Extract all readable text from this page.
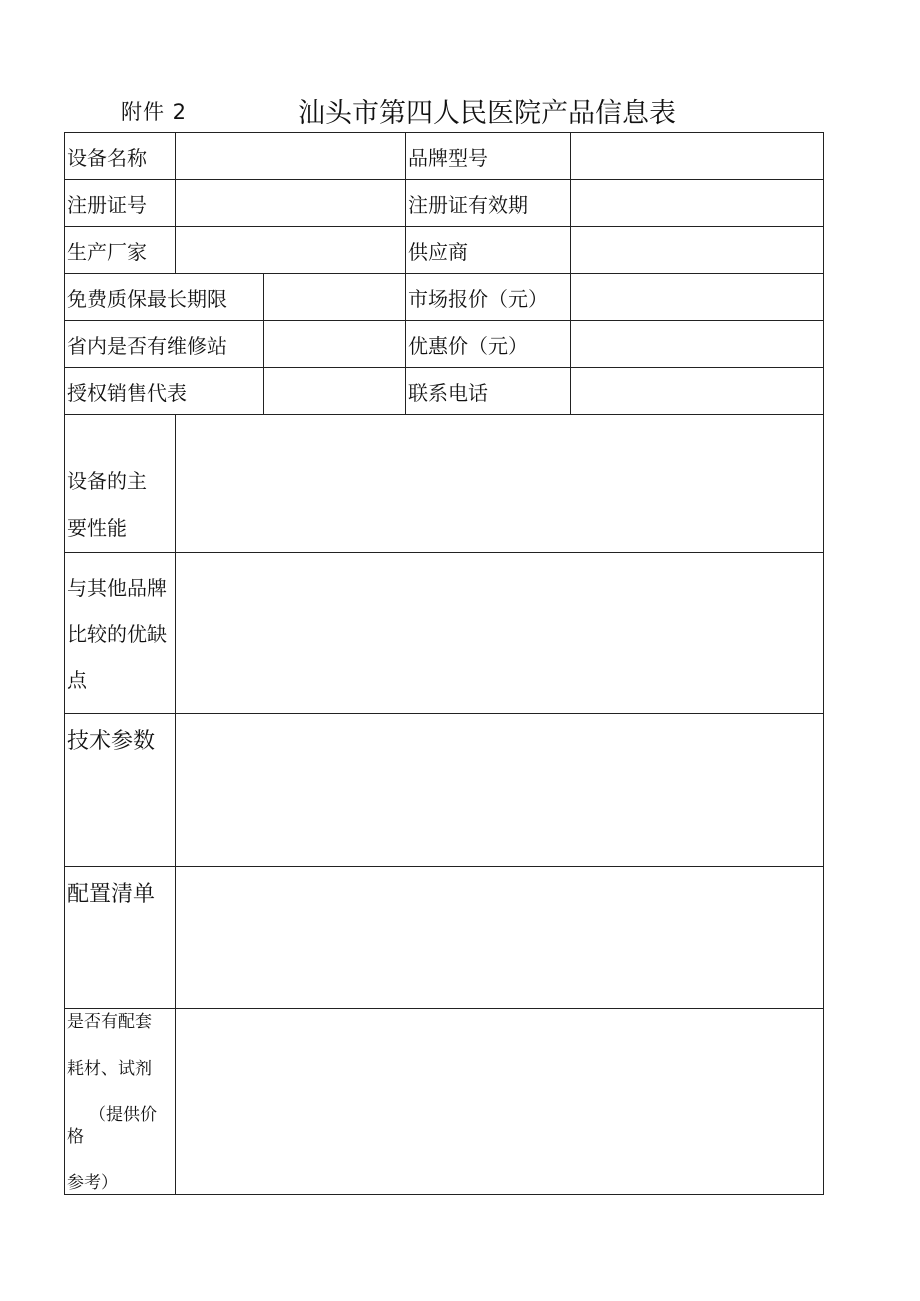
附件 2	汕头市第四人民医院产品信息表
设备名称			品牌型号	
注册证号			注册证有效期	
生产厂家			供应商	
免费质保最长期限			市场报价（元）	
省内是否有维修站			优惠价（元）	
授权销售代表			联系电话	

设备的主
要性能				

与其他品牌
比较的优缺
点				

技术参数				
配置清单				

是否有配套
耗材、试剂
（提供价
格
参考）				
